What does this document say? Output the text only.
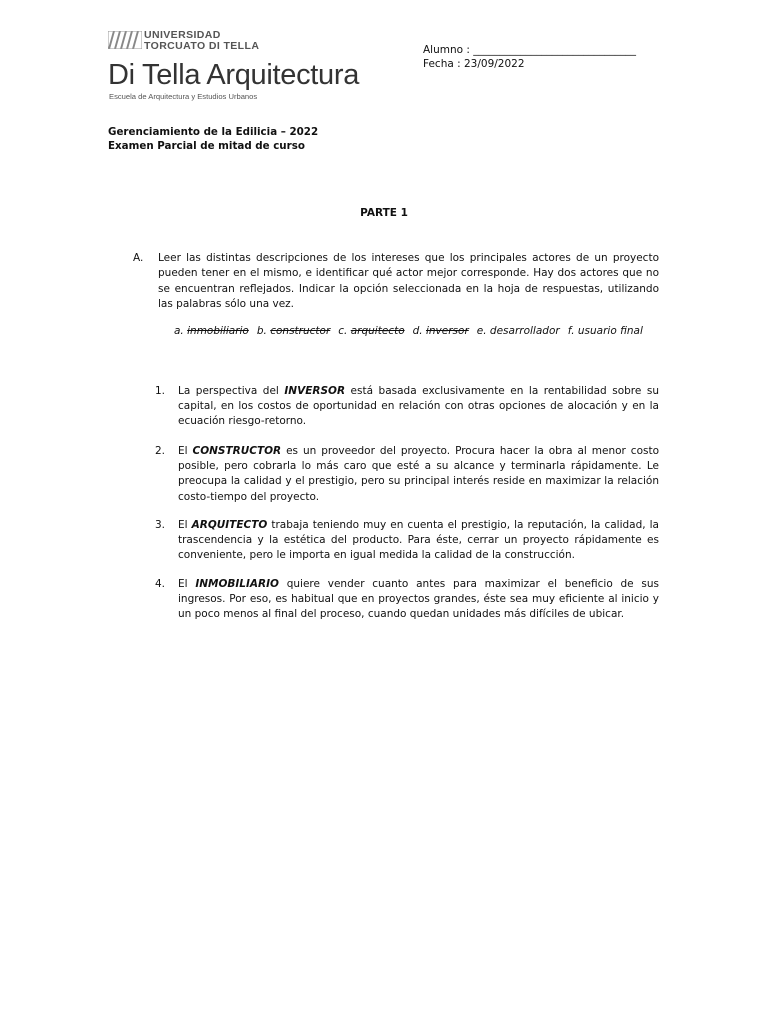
UNIVERSIDAD
TORCUATO DI TELLA
Di Tella Arquitectura
Escuela de Arquitectura y Estudios Urbanos
Alumno : _______________________________
Fecha : 23/09/2022
Gerenciamiento de la Edilicia – 2022
Examen Parcial de mitad de curso
PARTE 1
A. Leer las distintas descripciones de los intereses que los principales actores de un proyecto pueden tener en el mismo, e identificar qué actor mejor corresponde. Hay dos actores que no se encuentran reflejados. Indicar la opción seleccionada en la hoja de respuestas, utilizando las palabras sólo una vez.
a. inmobiliario b. constructor c. arquitecto d. inversor e. desarrollador f. usuario final
1. La perspectiva del INVERSOR está basada exclusivamente en la rentabilidad sobre su capital, en los costos de oportunidad en relación con otras opciones de alocación y en la ecuación riesgo-retorno.
2. El CONSTRUCTOR es un proveedor del proyecto. Procura hacer la obra al menor costo posible, pero cobrarla lo más caro que esté a su alcance y terminarla rápidamente. Le preocupa la calidad y el prestigio, pero su principal interés reside en maximizar la relación costo-tiempo del proyecto.
3. El ARQUITECTO trabaja teniendo muy en cuenta el prestigio, la reputación, la calidad, la trascendencia y la estética del producto. Para éste, cerrar un proyecto rápidamente es conveniente, pero le importa en igual medida la calidad de la construcción.
4. El INMOBILIARIO quiere vender cuanto antes para maximizar el beneficio de sus ingresos. Por eso, es habitual que en proyectos grandes, éste sea muy eficiente al inicio y un poco menos al final del proceso, cuando quedan unidades más difíciles de ubicar.
